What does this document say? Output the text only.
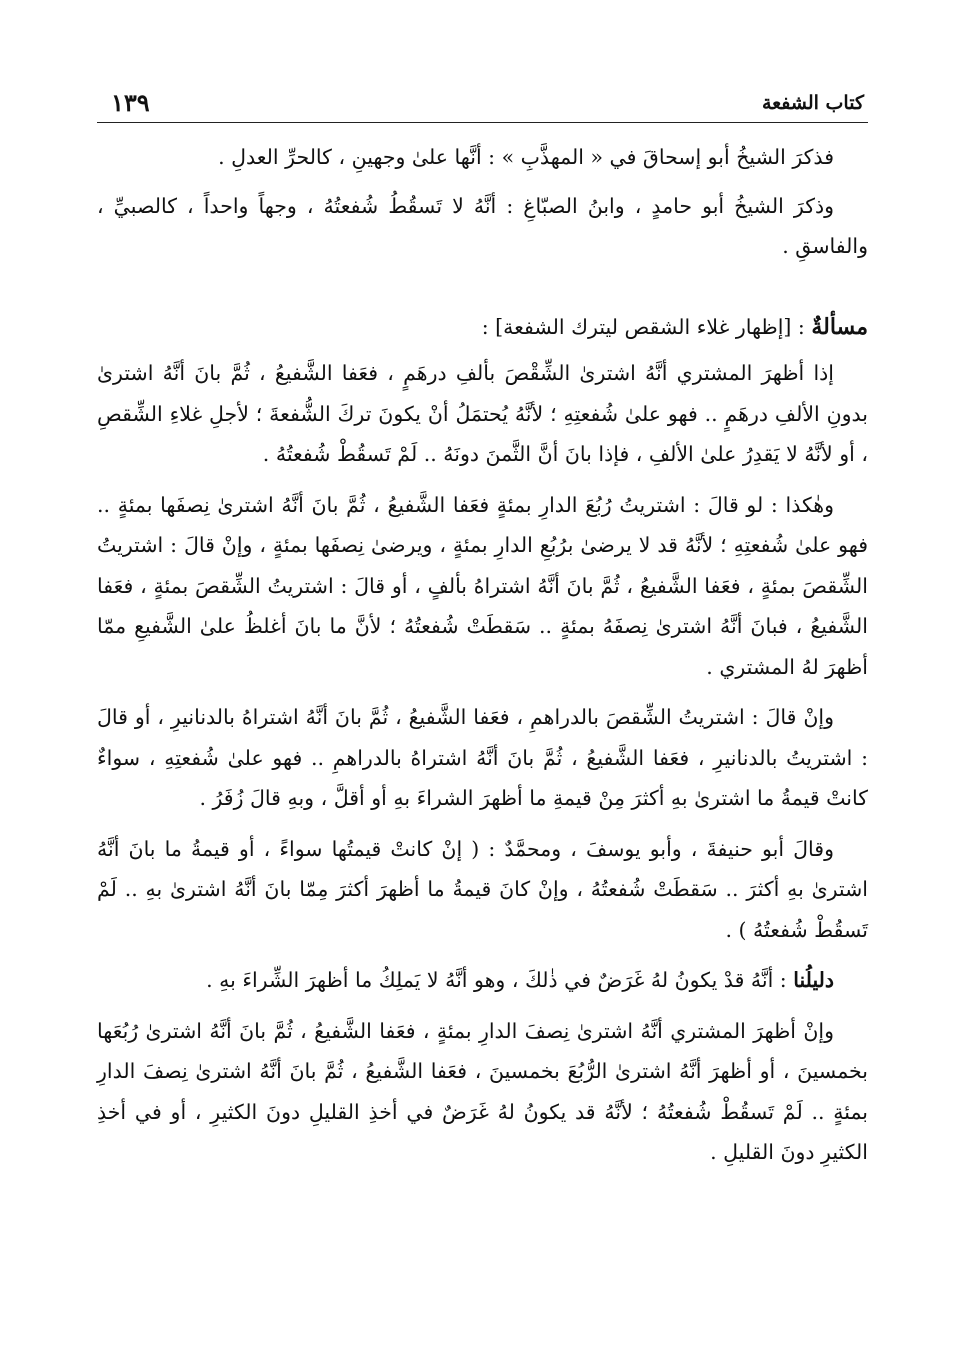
كتاب الشفعة
١٣٩

فذكرَ الشيخُ أبو إسحاقَ في « المهذَّبِ » : أنَّها علىٰ وجهينِ ، كالحرِّ العدلِ .

وذكرَ الشيخُ أبو حامدٍ ، وابنُ الصبّاغِ : أنَّهُ لا تَسقُطُ شُفعتُهُ ، وجهاً واحداً ، كالصبيِّ ، والفاسقِ .

مسألةٌ : [إظهار غلاء الشقص ليترك الشفعة] :

إذا أظهرَ المشتري أنَّهُ اشترىٰ الشِّقْصَ بألفِ درهَمٍ ، فعَفا الشَّفيعُ ، ثُمَّ بانَ أنَّهُ اشترىٰ بدونِ الألفِ درهَمٍ .. فهو علىٰ شُفعتِهِ ؛ لأنَّهُ يُحتمَلُ أنْ يكونَ تركَ الشُّفعةَ ؛ لأجلِ غلاءِ الشِّقصِ ، أو لأنَّهُ لا يَقدِرُ علىٰ الألفِ ، فإذا بانَ أنَّ الثَّمنَ دونَهُ .. لَمْ تَسقُطْ شُفعتُهُ .

وهٰكذا : لو قالَ : اشتريتُ رُبُعَ الدارِ بمئةٍ فعَفا الشَّفيعُ ، ثُمَّ بانَ أنَّهُ اشترىٰ نِصفَها بمئةٍ .. فهو علىٰ شُفعتِهِ ؛ لأنَّهُ قد لا يرضىٰ برُبُعِ الدارِ بمئةٍ ، ويرضىٰ نِصفَها بمئةٍ ، وإنْ قالَ : اشتريتُ الشِّقصَ بمئةٍ ، فعَفا الشَّفيعُ ، ثُمَّ بانَ أنَّهُ اشتراهُ بألفٍ ، أو قالَ : اشتريتُ الشِّقصَ بمئةٍ ، فعَفا الشَّفيعُ ، فبانَ أنَّهُ اشترىٰ نِصفَهُ بمئةٍ .. سَقطَتْ شُفعتُهُ ؛ لأنَّ ما بانَ أغلظُ علىٰ الشَّفيعِ ممّا أظهرَ لهُ المشتري .

وإنْ قالَ : اشتريتُ الشِّقصَ بالدراهمِ ، فعَفا الشَّفيعُ ، ثُمَّ بانَ أنَّهُ اشتراهُ بالدنانيرِ ، أو قالَ : اشتريتُ بالدنانيرِ ، فعَفا الشَّفيعُ ، ثُمَّ بانَ أنَّهُ اشتراهُ بالدراهمِ .. فهو علىٰ شُفعتِهِ ، سواءٌ كانتْ قيمةُ ما اشترىٰ بهِ أكثرَ مِنْ قيمةِ ما أظهرَ الشراءَ بهِ أو أقلَّ ، وبهِ قالَ زُفَرُ .

وقالَ أبو حنيفةَ ، وأبو يوسفَ ، ومحمَّدٌ : ( إنْ كانتْ قيمتُها سواءً ، أو قيمةُ ما بانَ أنَّهُ اشترىٰ بهِ أكثرَ .. سَقطَتْ شُفعتُهُ ، وإنْ كانَ قيمةُ ما أظهرَ أكثرَ مِمّا بانَ أنَّهُ اشترىٰ بهِ .. لَمْ تَسقُطْ شُفعتُهُ ) .

دليلُنا : أنَّهُ قدْ يكونُ لهُ غَرَضٌ في ذٰلكَ ، وهو أنَّهُ لا يَملِكُ ما أظهرَ الشِّراءَ بهِ .

وإنْ أظهرَ المشتري أنَّهُ اشترىٰ نِصفَ الدارِ بمئةٍ ، فعَفا الشَّفيعُ ، ثُمَّ بانَ أنَّهُ اشترىٰ رُبُعَها بخمسينَ ، أو أظهرَ أنَّهُ اشترىٰ الرُّبُعَ بخمسينَ ، فعَفا الشَّفيعُ ، ثُمَّ بانَ أنَّهُ اشترىٰ نِصفَ الدارِ بمئةٍ .. لَمْ تَسقُطْ شُفعتُهُ ؛ لأنَّهُ قد يكونُ لهُ غَرَضٌ في أخذِ القليلِ دونَ الكثيرِ ، أو في أخذِ الكثيرِ دونَ القليلِ .
